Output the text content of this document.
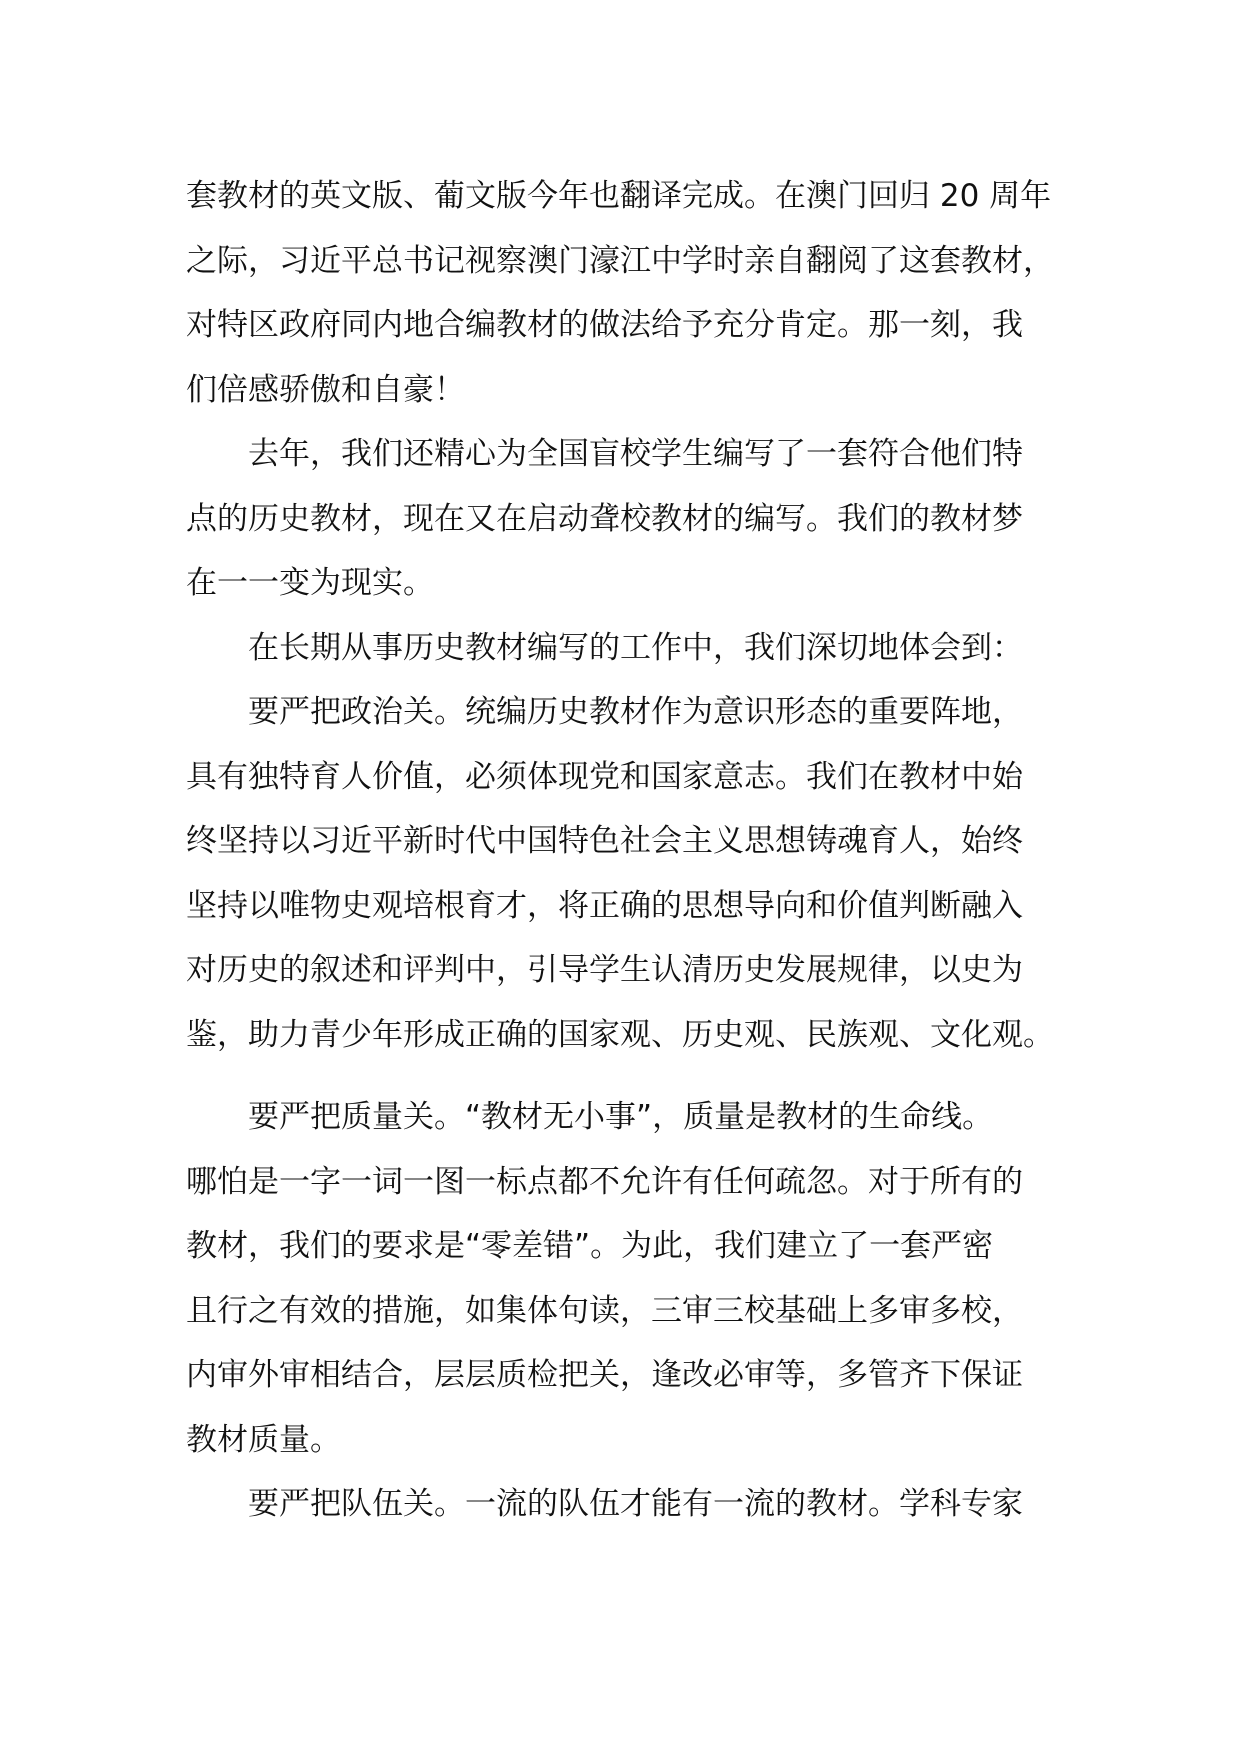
套教材的英文版、葡文版今年也翻译完成。在澳门回归 20 周年
之际，习近平总书记视察澳门濠江中学时亲自翻阅了这套教材，
对特区政府同内地合编教材的做法给予充分肯定。那一刻，我
们倍感骄傲和自豪！

去年，我们还精心为全国盲校学生编写了一套符合他们特
点的历史教材，现在又在启动聋校教材的编写。我们的教材梦
在一一变为现实。

在长期从事历史教材编写的工作中，我们深切地体会到：

要严把政治关。统编历史教材作为意识形态的重要阵地，
具有独特育人价值，必须体现党和国家意志。我们在教材中始
终坚持以习近平新时代中国特色社会主义思想铸魂育人，始终
坚持以唯物史观培根育才，将正确的思想导向和价值判断融入
对历史的叙述和评判中，引导学生认清历史发展规律，以史为
鉴，助力青少年形成正确的国家观、历史观、民族观、文化观。

要严把质量关。“教材无小事”，质量是教材的生命线。
哪怕是一字一词一图一标点都不允许有任何疏忽。对于所有的
教材，我们的要求是“零差错”。为此，我们建立了一套严密
且行之有效的措施，如集体句读，三审三校基础上多审多校，
内审外审相结合，层层质检把关，逢改必审等，多管齐下保证
教材质量。

要严把队伍关。一流的队伍才能有一流的教材。学科专家
